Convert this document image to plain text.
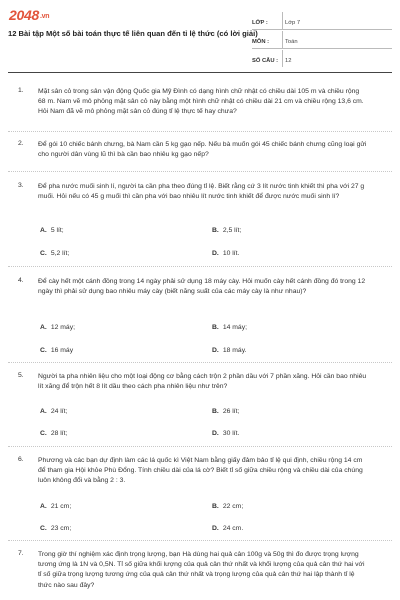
2048.vn
12 Bài tập Một số bài toán thực tế liên quan đến tỉ lệ thức (có lời giải)
LỚP :	Lớp 7
MÔN :	Toán
SỐ CÂU :	12
1. Mặt sân cỏ trong sân vận động Quốc gia Mỹ Đình có dạng hình chữ nhật có chiều dài 105 m và chiều rộng 68 m. Nam vẽ mô phỏng mặt sân cỏ này bằng một hình chữ nhật có chiều dài 21 cm và chiều rộng 13,6 cm. Hỏi Nam đã vẽ mô phỏng mặt sân cỏ đúng tỉ lệ thực tế hay chưa?
2. Để gói 10 chiếc bánh chưng, bà Nam cần 5 kg gạo nếp. Nếu bà muốn gói 45 chiếc bánh chưng cũng loại gửi cho người dân vùng lũ thì bà cần bao nhiêu kg gạo nếp?
3. Để pha nước muối sinh lí, người ta cần pha theo đúng tỉ lệ. Biết rằng cứ 3 lít nước tinh khiết thì pha với 27 g muối. Hỏi nếu có 45 g muối thì cần pha với bao nhiêu lít nước tinh khiết để được nước muối sinh lí?
A. 5 lít;	B. 2,5 lít;
C. 5,2 lít;	D. 10 lít.
4. Để cày hết một cánh đồng trong 14 ngày phải sử dụng 18 máy cày. Hỏi muốn cày hết cánh đồng đó trong 12 ngày thì phải sử dụng bao nhiêu máy cày (biết năng suất của các máy cày là như nhau)?
A. 12 máy;	B. 14 máy;
C. 16 máy	D. 18 máy.
5. Người ta pha nhiên liệu cho một loại động cơ bằng cách trộn 2 phần dầu với 7 phần xăng. Hỏi cần bao nhiêu lít xăng để trộn hết 8 lít dầu theo cách pha nhiên liệu như trên?
A. 24 lít;	B. 26 lít;
C. 28 lít;	D. 30 lít.
6. Phương và các bạn dự định làm các lá quốc kì Việt Nam bằng giấy đảm bảo tỉ lệ qui định, chiều rộng 14 cm để tham gia Hội khỏe Phù Đổng. Tính chiều dài của lá cờ? Biết tỉ số giữa chiều rộng và chiều dài của chúng luôn không đổi và bằng 2 : 3.
A. 21 cm;	B. 22 cm;
C. 23 cm;	D. 24 cm.
7. Trong giờ thí nghiệm xác định trọng lượng, bạn Hà dùng hai quả cân 100g và 50g thì đo được trọng lượng tương ứng là 1N và 0,5N. Tỉ số giữa khối lượng của quả cân thứ nhất và khối lượng của quả cân thứ hai với tỉ số giữa trọng lượng tương ứng của quả cân thứ nhất và trọng lượng của quả cân thứ hai lập thành tỉ lệ thức nào sau đây?
